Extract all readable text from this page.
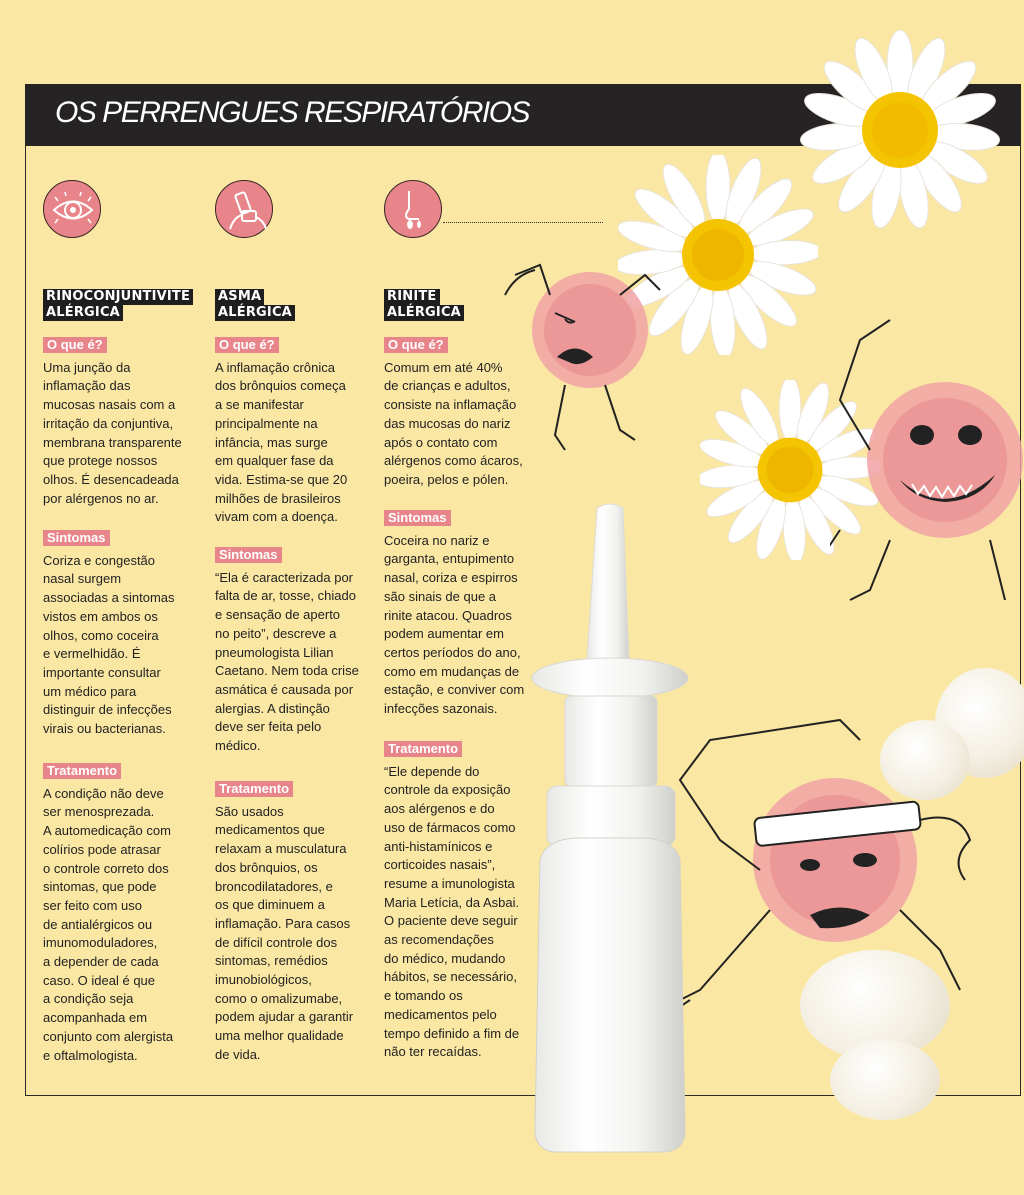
OS PERRENGUES RESPIRATÓRIOS
RINOCONJUNTIVITE
ALÉRGICA
O que é?

Uma junção da
inflamação das
mucosas nasais com a
irritação da conjuntiva,
membrana transparente
que protege nossos
olhos. É desencadeada
por alérgenos no ar.

Sintomas

Coriza e congestão
nasal surgem
associadas a sintomas
vistos em ambos os
olhos, como coceira
e vermelhidão. É
importante consultar
um médico para
distinguir de infecções
virais ou bacterianas.

Tratamento

A condição não deve
ser menosprezada.
A automedicação com
colírios pode atrasar
o controle correto dos
sintomas, que pode
ser feito com uso
de antialérgicos ou
imunomoduladores,
a depender de cada
caso. O ideal é que
a condição seja
acompanhada em
conjunto com alergista
e oftalmologista.

ASMA
ALÉRGICA
O que é?

A inflamação crônica
dos brônquios começa
a se manifestar
principalmente na
infância, mas surge
em qualquer fase da
vida. Estima-se que 20
milhões de brasileiros
vivam com a doença.

Sintomas

“Ela é caracterizada por
falta de ar, tosse, chiado
e sensação de aperto
no peito”, descreve a
pneumologista Lilian
Caetano. Nem toda crise
asmática é causada por
alergias. A distinção
deve ser feita pelo
médico.

Tratamento

São usados
medicamentos que
relaxam a musculatura
dos brônquios, os
broncodilatadores, e
os que diminuem a
inflamação. Para casos
de difícil controle dos
sintomas, remédios
imunobiológicos,
como o omalizumabe,
podem ajudar a garantir
uma melhor qualidade
de vida.

RINITE
ALÉRGICA
O que é?

Comum em até 40%
de crianças e adultos,
consiste na inflamação
das mucosas do nariz
após o contato com
alérgenos como ácaros,
poeira, pelos e pólen.

Sintomas

Coceira no nariz e
garganta, entupimento
nasal, coriza e espirros
são sinais de que a
rinite atacou. Quadros
podem aumentar em
certos períodos do ano,
como em mudanças de
estação, e conviver com
infecções sazonais.

Tratamento

“Ele depende do
controle da exposição
aos alérgenos e do
uso de fármacos como
anti-histamínicos e
corticoides nasais”,
resume a imunologista
Maria Letícia, da Asbai.
O paciente deve seguir
as recomendações
do médico, mudando
hábitos, se necessário,
e tomando os
medicamentos pelo
tempo definido a fim de
não ter recaídas.
